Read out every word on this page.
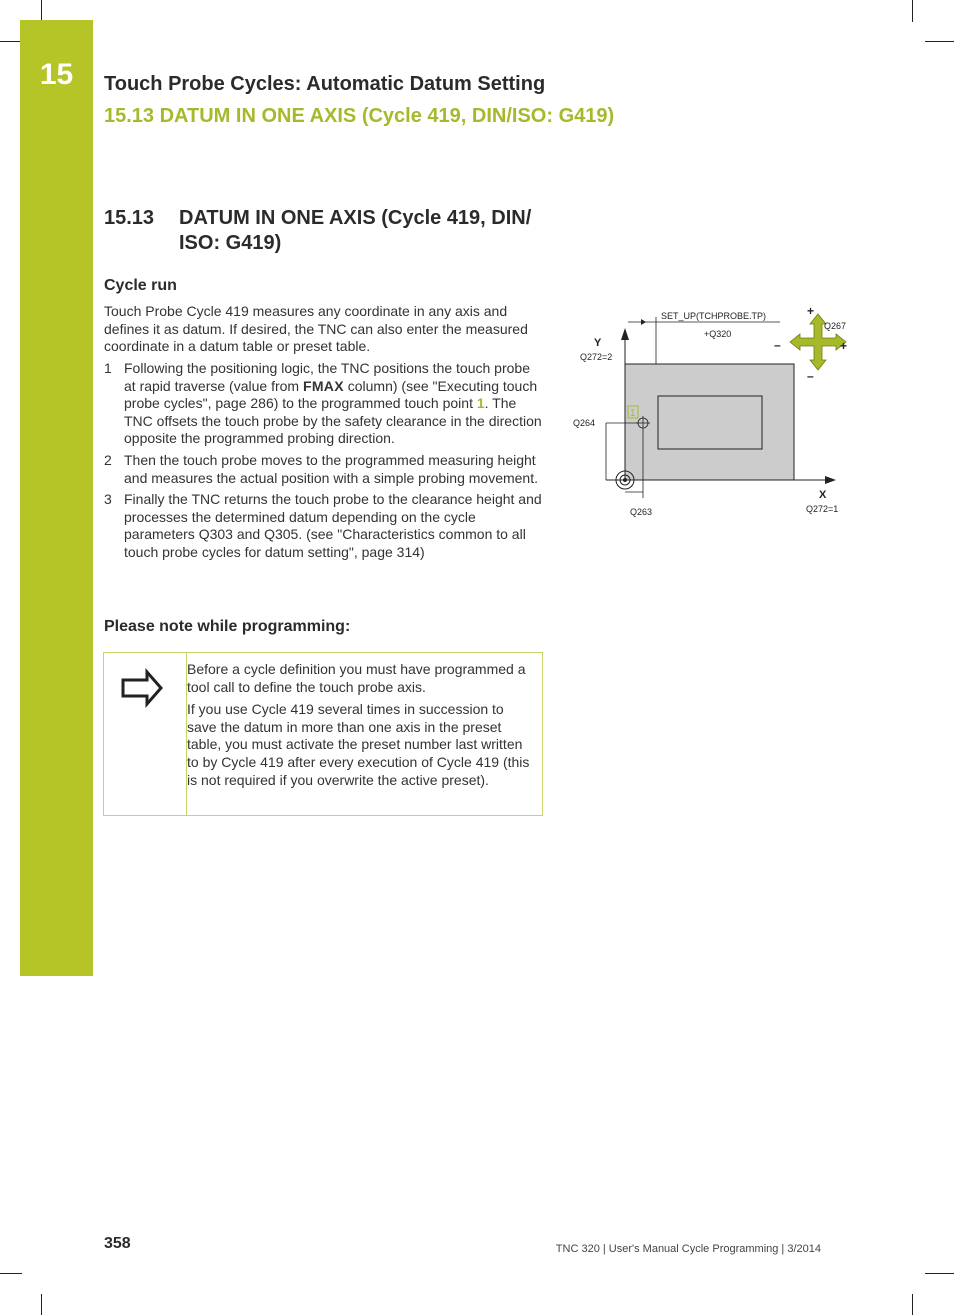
15	Touch Probe Cycles: Automatic Datum Setting
15.13 DATUM IN ONE AXIS (Cycle 419, DIN/ISO: G419)
15.13 DATUM IN ONE AXIS (Cycle 419, DIN/ ISO: G419)
Cycle run
Touch Probe Cycle 419 measures any coordinate in any axis and defines it as datum. If desired, the TNC can also enter the measured coordinate in a datum table or preset table.
1 Following the positioning logic, the TNC positions the touch probe at rapid traverse (value from FMAX column) (see "Executing touch probe cycles", page 286) to the programmed touch point 1. The TNC offsets the touch probe by the safety clearance in the direction opposite the programmed probing direction.
2 Then the touch probe moves to the programmed measuring height and measures the actual position with a simple probing movement.
3 Finally the TNC returns the touch probe to the clearance height and processes the determined datum depending on the cycle parameters Q303 and Q305. (see "Characteristics common to all touch probe cycles for datum setting", page 314)
Please note while programming:

Before a cycle definition you must have programmed a tool call to define the touch probe axis.

If you use Cycle 419 several times in succession to save the datum in more than one axis in the preset table, you must activate the preset number last written to by Cycle 419 after every execution of Cycle 419 (this is not required if you overwrite the active preset).

SET_UP(TCHPROBE.TP)
+Q320
+
+
–
–
Q267
Y
Q272=2
X
Q272=1
1
Q264
Q263
358	TNC 320 | User's Manual Cycle Programming | 3/2014
